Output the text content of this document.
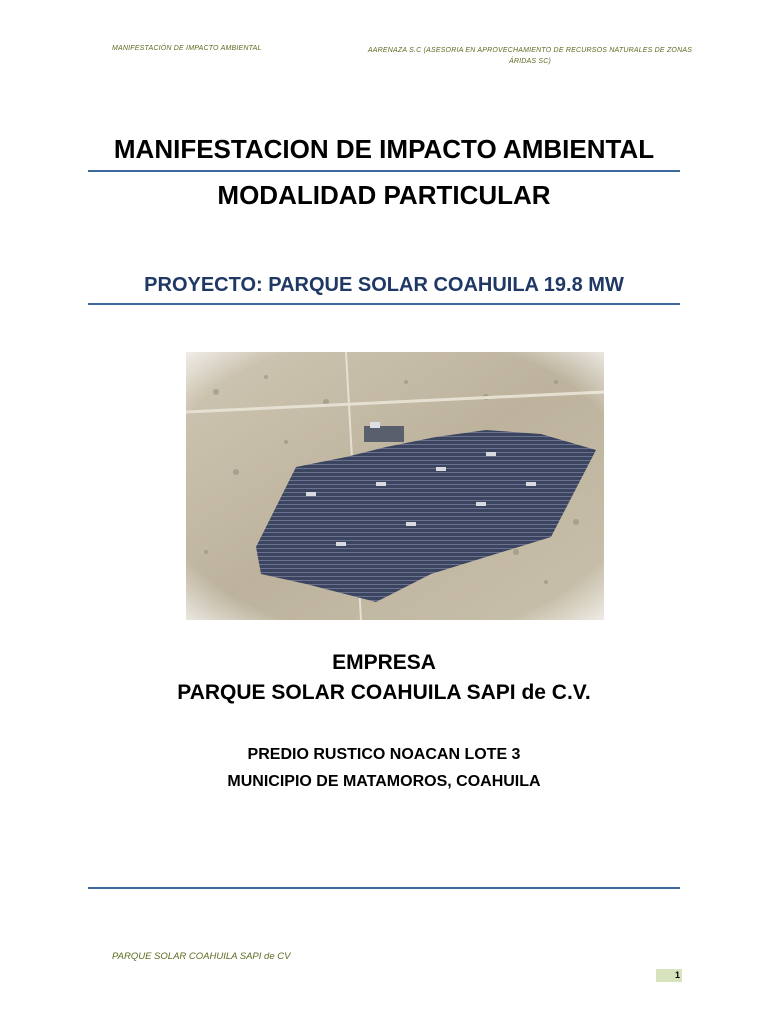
MANIFESTACIÓN DE IMPACTO AMBIENTAL	AARENAZA S.C (ASESORIA EN APROVECHAMIENTO DE RECURSOS NATURALES DE ZONAS ÁRIDAS SC)
MANIFESTACION DE IMPACTO AMBIENTAL
MODALIDAD PARTICULAR
PROYECTO: PARQUE SOLAR COAHUILA 19.8 MW
EMPRESA
PARQUE SOLAR COAHUILA SAPI de C.V.
PREDIO RUSTICO NOACAN LOTE 3
MUNICIPIO DE MATAMOROS, COAHUILA
PARQUE SOLAR COAHUILA SAPI de CV
1
